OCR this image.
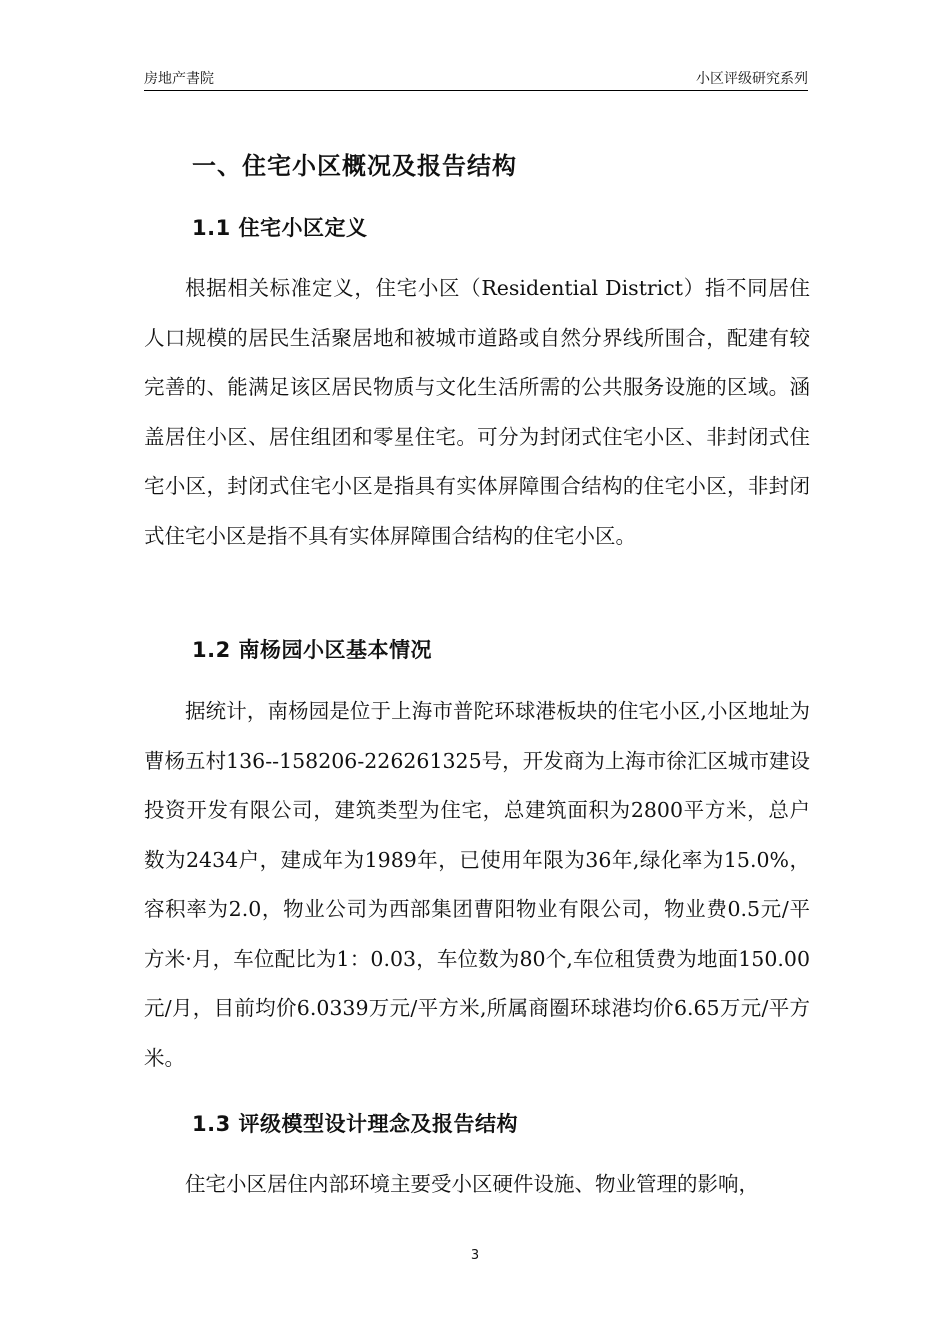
房地产書院	小区评级研究系列
一、住宅小区概况及报告结构
1.1 住宅小区定义

根据相关标准定义，住宅小区（Residential District）指不同居住人口规模的居民生活聚居地和被城市道路或自然分界线所围合，配建有较完善的、能满足该区居民物质与文化生活所需的公共服务设施的区域。涵盖居住小区、居住组团和零星住宅。可分为封闭式住宅小区、非封闭式住宅小区，封闭式住宅小区是指具有实体屏障围合结构的住宅小区，非封闭式住宅小区是指不具有实体屏障围合结构的住宅小区。

1.2 南杨园小区基本情况

据统计，南杨园是位于上海市普陀环球港板块的住宅小区,小区地址为曹杨五村136--158206-226261325号，开发商为上海市徐汇区城市建设投资开发有限公司，建筑类型为住宅，总建筑面积为2800平方米，总户数为2434户，建成年为1989年，已使用年限为36年,绿化率为15.0%，容积率为2.0，物业公司为西部集团曹阳物业有限公司，物业费0.5元/平方米·月，车位配比为1：0.03，车位数为80个,车位租赁费为地面150.00元/月，目前均价6.0339万元/平方米,所属商圈环球港均价6.65万元/平方米。

1.3 评级模型设计理念及报告结构

住宅小区居住内部环境主要受小区硬件设施、物业管理的影响，

3
